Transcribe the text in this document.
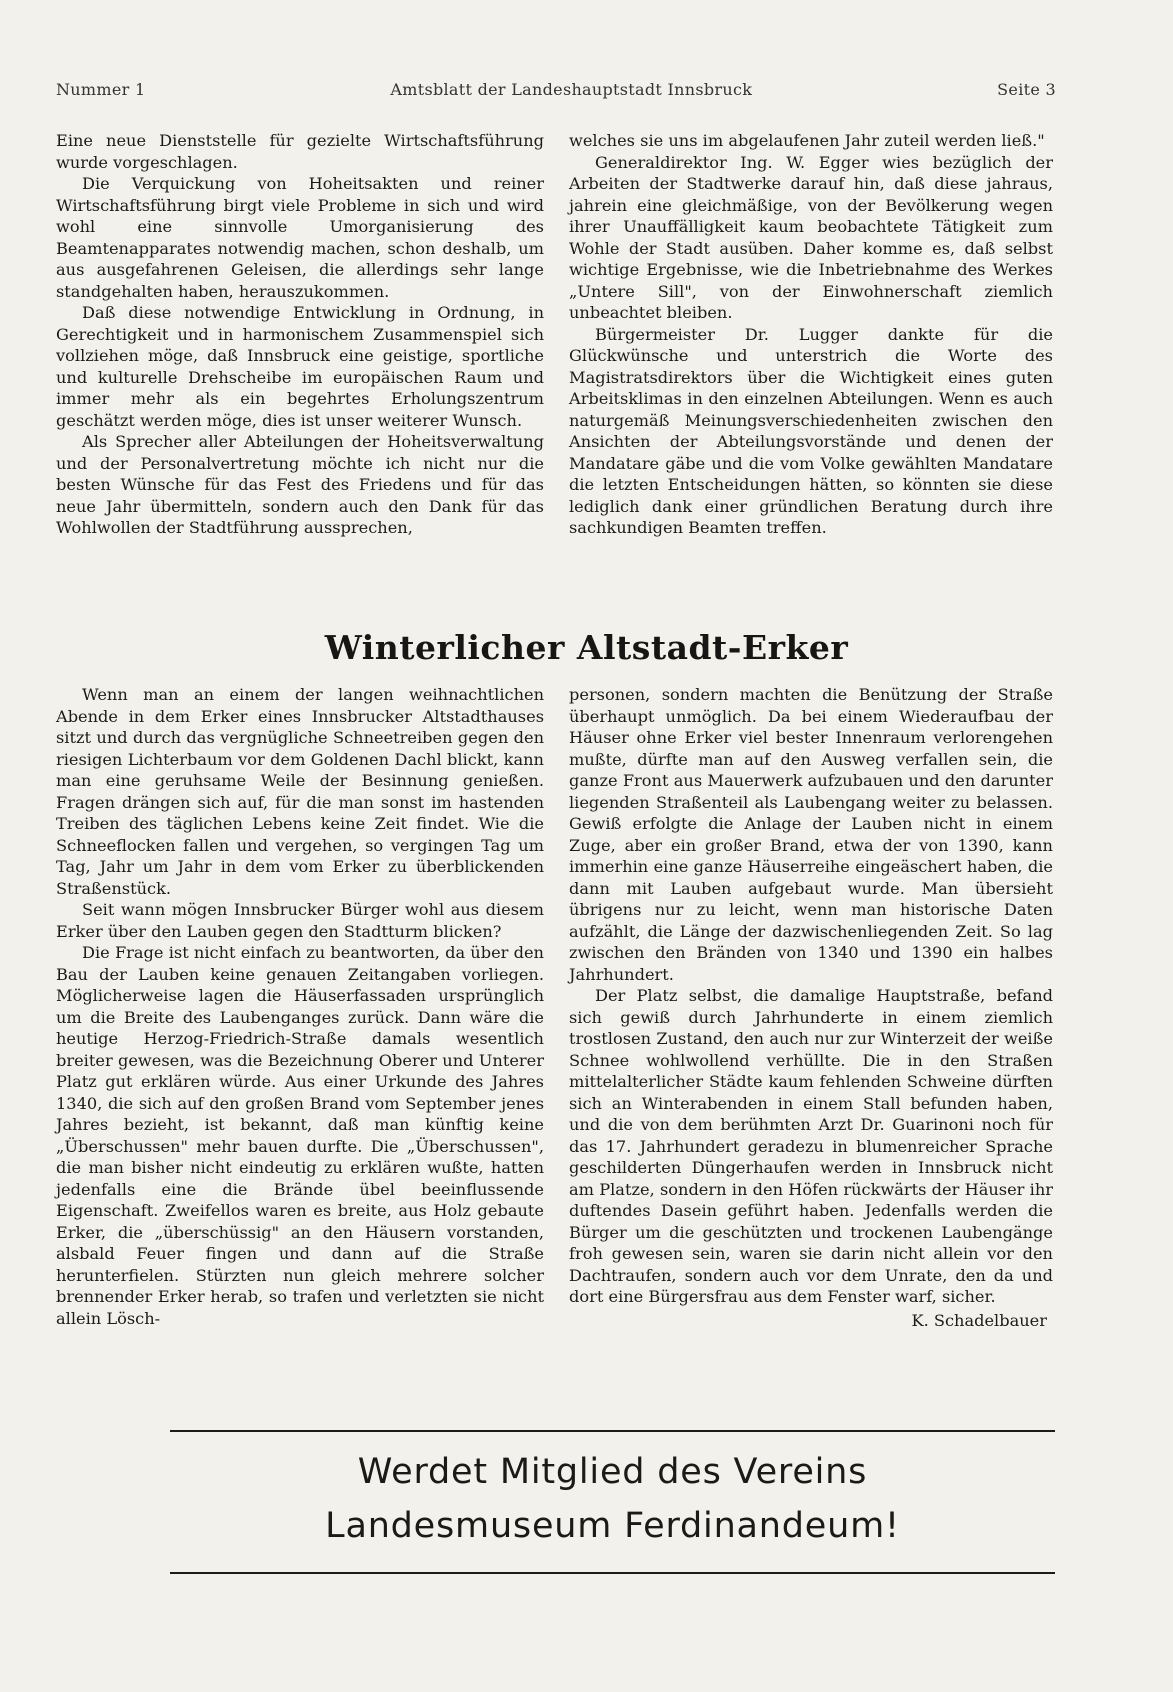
Nummer 1	Amtsblatt der Landeshauptstadt Innsbruck	Seite 3

Eine neue Dienststelle für gezielte Wirtschaftsführung wurde vorgeschlagen.

Die Verquickung von Hoheitsakten und reiner Wirtschaftsführung birgt viele Probleme in sich und wird wohl eine sinnvolle Umorganisierung des Beamtenapparates notwendig machen, schon deshalb, um aus ausgefahrenen Geleisen, die allerdings sehr lange standgehalten haben, herauszukommen.

Daß diese notwendige Entwicklung in Ordnung, in Gerechtigkeit und in harmonischem Zusammenspiel sich vollziehen möge, daß Innsbruck eine geistige, sportliche und kulturelle Drehscheibe im europäischen Raum und immer mehr als ein begehrtes Erholungszentrum geschätzt werden möge, dies ist unser weiterer Wunsch.

Als Sprecher aller Abteilungen der Hoheitsverwaltung und der Personalvertretung möchte ich nicht nur die besten Wünsche für das Fest des Friedens und für das neue Jahr übermitteln, sondern auch den Dank für das Wohlwollen der Stadtführung aussprechen,

welches sie uns im abgelaufenen Jahr zuteil werden ließ."

Generaldirektor Ing. W. Egger wies bezüglich der Arbeiten der Stadtwerke darauf hin, daß diese jahraus, jahrein eine gleichmäßige, von der Bevölkerung wegen ihrer Unauffälligkeit kaum beobachtete Tätigkeit zum Wohle der Stadt ausüben. Daher komme es, daß selbst wichtige Ergebnisse, wie die Inbetriebnahme des Werkes „Untere Sill", von der Einwohnerschaft ziemlich unbeachtet bleiben.

Bürgermeister Dr. Lugger dankte für die Glückwünsche und unterstrich die Worte des Magistratsdirektors über die Wichtigkeit eines guten Arbeitsklimas in den einzelnen Abteilungen. Wenn es auch naturgemäß Meinungsverschiedenheiten zwischen den Ansichten der Abteilungsvorstände und denen der Mandatare gäbe und die vom Volke gewählten Mandatare die letzten Entscheidungen hätten, so könnten sie diese lediglich dank einer gründlichen Beratung durch ihre sachkundigen Beamten treffen.

Winterlicher Altstadt-Erker

Wenn man an einem der langen weihnachtlichen Abende in dem Erker eines Innsbrucker Altstadthauses sitzt und durch das vergnügliche Schneetreiben gegen den riesigen Lichterbaum vor dem Goldenen Dachl blickt, kann man eine geruhsame Weile der Besinnung genießen. Fragen drängen sich auf, für die man sonst im hastenden Treiben des täglichen Lebens keine Zeit findet. Wie die Schneeflocken fallen und vergehen, so vergingen Tag um Tag, Jahr um Jahr in dem vom Erker zu überblickenden Straßenstück.

Seit wann mögen Innsbrucker Bürger wohl aus diesem Erker über den Lauben gegen den Stadtturm blicken?

Die Frage ist nicht einfach zu beantworten, da über den Bau der Lauben keine genauen Zeitangaben vorliegen. Möglicherweise lagen die Häuserfassaden ursprünglich um die Breite des Laubenganges zurück. Dann wäre die heutige Herzog-Friedrich-Straße damals wesentlich breiter gewesen, was die Bezeichnung Oberer und Unterer Platz gut erklären würde. Aus einer Urkunde des Jahres 1340, die sich auf den großen Brand vom September jenes Jahres bezieht, ist bekannt, daß man künftig keine „Überschussen" mehr bauen durfte. Die „Überschussen", die man bisher nicht eindeutig zu erklären wußte, hatten jedenfalls eine die Brände übel beeinflussende Eigenschaft. Zweifellos waren es breite, aus Holz gebaute Erker, die „überschüssig" an den Häusern vorstanden, alsbald Feuer fingen und dann auf die Straße herunterfielen. Stürzten nun gleich mehrere solcher brennender Erker herab, so trafen und verletzten sie nicht allein Lösch-

personen, sondern machten die Benützung der Straße überhaupt unmöglich. Da bei einem Wiederaufbau der Häuser ohne Erker viel bester Innenraum verlorengehen mußte, dürfte man auf den Ausweg verfallen sein, die ganze Front aus Mauerwerk aufzubauen und den darunter liegenden Straßenteil als Laubengang weiter zu belassen. Gewiß erfolgte die Anlage der Lauben nicht in einem Zuge, aber ein großer Brand, etwa der von 1390, kann immerhin eine ganze Häuserreihe eingeäschert haben, die dann mit Lauben aufgebaut wurde. Man übersieht übrigens nur zu leicht, wenn man historische Daten aufzählt, die Länge der dazwischenliegenden Zeit. So lag zwischen den Bränden von 1340 und 1390 ein halbes Jahrhundert.

Der Platz selbst, die damalige Hauptstraße, befand sich gewiß durch Jahrhunderte in einem ziemlich trostlosen Zustand, den auch nur zur Winterzeit der weiße Schnee wohlwollend verhüllte. Die in den Straßen mittelalterlicher Städte kaum fehlenden Schweine dürften sich an Winterabenden in einem Stall befunden haben, und die von dem berühmten Arzt Dr. Guarinoni noch für das 17. Jahrhundert geradezu in blumenreicher Sprache geschilderten Düngerhaufen werden in Innsbruck nicht am Platze, sondern in den Höfen rückwärts der Häuser ihr duftendes Dasein geführt haben. Jedenfalls werden die Bürger um die geschützten und trockenen Laubengänge froh gewesen sein, waren sie darin nicht allein vor den Dachtraufen, sondern auch vor dem Unrate, den da und dort eine Bürgersfrau aus dem Fenster warf, sicher.

K. Schadelbauer
Werdet Mitglied des Vereins
Landesmuseum Ferdinandeum!
